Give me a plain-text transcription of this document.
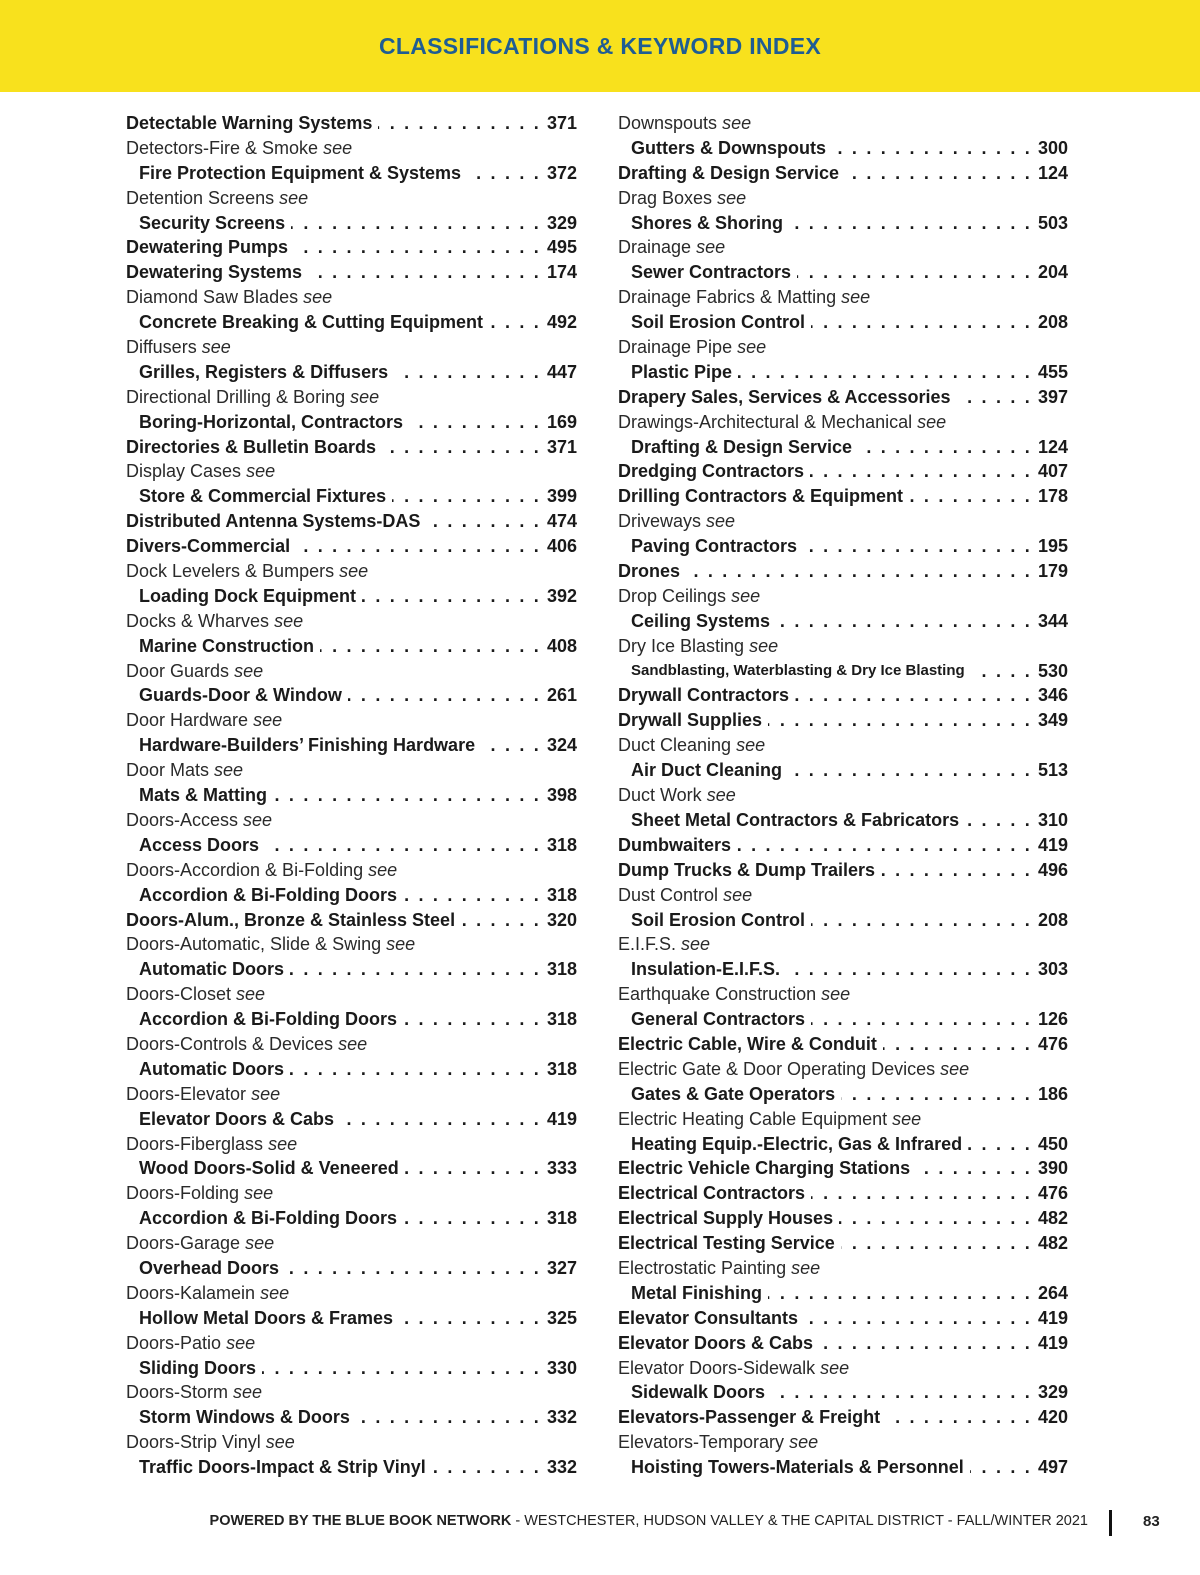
CLASSIFICATIONS & KEYWORD INDEX
Detectable Warning Systems . . .	371
Detectors-Fire & Smoke see
Fire Protection Equipment & Systems . . .	372
Detention Screens see
Security Screens . . .	329
Dewatering Pumps . . .	495
Dewatering Systems . . .	174
Diamond Saw Blades see
Concrete Breaking & Cutting Equipment . . .	492
Diffusers see
Grilles, Registers & Diffusers . . .	447
Directional Drilling & Boring see
Boring-Horizontal, Contractors . . .	169
Directories & Bulletin Boards . . .	371
Display Cases see
Store & Commercial Fixtures . . .	399
Distributed Antenna Systems-DAS . . .	474
Divers-Commercial . . .	406
Dock Levelers & Bumpers see
Loading Dock Equipment . . .	392
Docks & Wharves see
Marine Construction . . .	408
Door Guards see
Guards-Door & Window . . .	261
Door Hardware see
Hardware-Builders’ Finishing Hardware . . .	324
Door Mats see
Mats & Matting . . .	398
Doors-Access see
Access Doors . . .	318
Doors-Accordion & Bi-Folding see
Accordion & Bi-Folding Doors . . .	318
Doors-Alum., Bronze & Stainless Steel . . .	320
Doors-Automatic, Slide & Swing see
Automatic Doors . . .	318
Doors-Closet see
Accordion & Bi-Folding Doors . . .	318
Doors-Controls & Devices see
Automatic Doors . . .	318
Doors-Elevator see
Elevator Doors & Cabs . . .	419
Doors-Fiberglass see
Wood Doors-Solid & Veneered . . .	333
Doors-Folding see
Accordion & Bi-Folding Doors . . .	318
Doors-Garage see
Overhead Doors . . .	327
Doors-Kalamein see
Hollow Metal Doors & Frames . . .	325
Doors-Patio see
Sliding Doors . . .	330
Doors-Storm see
Storm Windows & Doors . . .	332
Doors-Strip Vinyl see
Traffic Doors-Impact & Strip Vinyl . . .	332
Downspouts see
Gutters & Downspouts . . .	300
Drafting & Design Service . . .	124
Drag Boxes see
Shores & Shoring . . .	503
Drainage see
Sewer Contractors . . .	204
Drainage Fabrics & Matting see
Soil Erosion Control . . .	208
Drainage Pipe see
Plastic Pipe . . .	455
Drapery Sales, Services & Accessories . . .	397
Drawings-Architectural & Mechanical see
Drafting & Design Service . . .	124
Dredging Contractors . . .	407
Drilling Contractors & Equipment . . .	178
Driveways see
Paving Contractors . . .	195
Drones . . .	179
Drop Ceilings see
Ceiling Systems . . .	344
Dry Ice Blasting see
Sandblasting, Waterblasting & Dry Ice Blasting . . .	530
Drywall Contractors . . .	346
Drywall Supplies . . .	349
Duct Cleaning see
Air Duct Cleaning . . .	513
Duct Work see
Sheet Metal Contractors & Fabricators . . .	310
Dumbwaiters . . .	419
Dump Trucks & Dump Trailers . . .	496
Dust Control see
Soil Erosion Control . . .	208
E.I.F.S. see
Insulation-E.I.F.S. . . .	303
Earthquake Construction see
General Contractors . . .	126
Electric Cable, Wire & Conduit . . .	476
Electric Gate & Door Operating Devices see
Gates & Gate Operators . . .	186
Electric Heating Cable Equipment see
Heating Equip.-Electric, Gas & Infrared . . .	450
Electric Vehicle Charging Stations . . .	390
Electrical Contractors . . .	476
Electrical Supply Houses . . .	482
Electrical Testing Service . . .	482
Electrostatic Painting see
Metal Finishing . . .	264
Elevator Consultants . . .	419
Elevator Doors & Cabs . . .	419
Elevator Doors-Sidewalk see
Sidewalk Doors . . .	329
Elevators-Passenger & Freight . . .	420
Elevators-Temporary see
Hoisting Towers-Materials & Personnel . . .	497
POWERED BY THE BLUE BOOK NETWORK - WESTCHESTER, HUDSON VALLEY & THE CAPITAL DISTRICT - FALL/WINTER 2021	83
